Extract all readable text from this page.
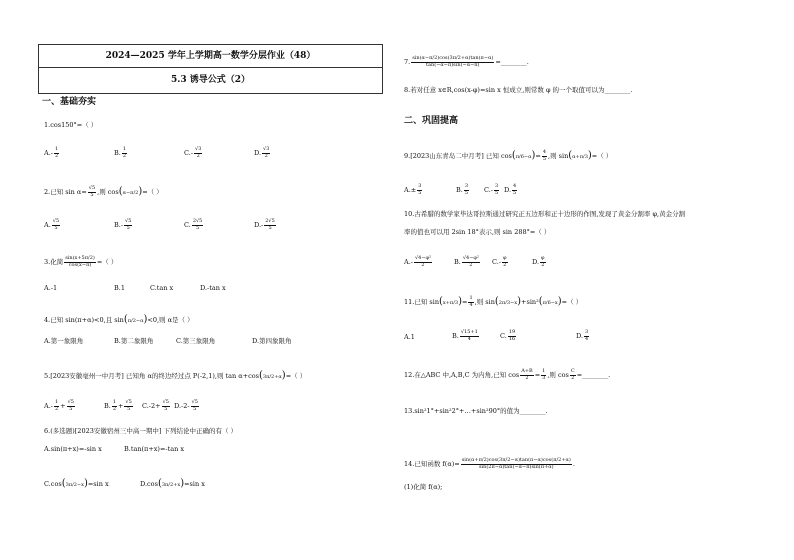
2024—2025 学年上学期高一数学分层作业（48）
5.3 诱导公式（2）
一、基础夯实
1.cos150°=（ ）
$A.- \frac{1}{2}$	B. $\frac{1}{2}$	$C.- \frac{√3}{2}$	D. $\frac{√3}{2}$
2.已知 $\sin \alpha= \frac{√5}{5}$ ,则 cos(α−π/2)=（ ）
A. $\frac{√5}{5}$	$B.- \frac{√5}{5}$	C. $\frac{2√5}{5}$	$D.- \frac{2√5}{5}$
3.化简 $\frac{\sin(x+5\pi/2)}{\cos(x-\pi)}$ =（ ）
A.-1	B.1	C.tan x	D.-tan x
4.已知 sin(π+α)<0,且 sin(π/2−α)<0,则 α是（ ）
A.第一象限角	B.第二象限角	C.第三象限角	D.第四象限角
5.[2023安徽亳州一中月考] 已知角 α的终边经过点 P(-2,1),则 tan α+cos(3π/2+α)=（ ）
$A.- \frac{1}{2} + \frac{√5}{5}$	B. $\frac{1}{2} + \frac{√5}{5} C.-2+ \frac{√5}{5} D.-2- \frac{√5}{5}$
6.(多选题)[2023安徽宿州三中高一期中] 下列结论中正确的有（ ）
A.sin(π+x)=-sin x	B.tan(π+x)=-tan x
C.cos(3π/2−x)=sin x	D.cos(3π/2+x)=sin x
7. $\frac{\sin(\alpha-\pi/2)\cos(3\pi/2+\alpha)\tan(\pi-\alpha)}{\tan(-\alpha-\pi)\sin(-\alpha-\pi)}$ =________.
8.若对任意 x∈R,cos(x-φ)=sin x 恒成立,则常数 φ 的一个取值可以为________.
二、巩固提高
9.[2023山东青岛二中月考] 已知 $\cos(\pi/6-\alpha)= \frac{4}{5}$ ,则 sin(α+π/3)=（ ）
$A.\pm \frac{3}{5}$	B. $\frac{3}{5} C.- \frac{3}{5} D$. $\frac{4}{5}$
10.古希腊的数学家毕达哥拉斯通过研究正五边形和正十边形的作图,发现了黄金分割率 φ,黄金分割
率的值也可以用 2sin 18°表示,则 sin 288°=（ ）
$A.- \frac{\text{√4−φ²}}{2}$	B. $\frac{\text{√4−φ²}}{2} C.- \frac{\varphi}{2}$	D. $\frac{\varphi}{2}$
11.已知 $\sin(x+\pi/3)= \frac{1}{4}$ ,则 sin(2π/3−x)+sin²(π/6−x)=（ ）
A.1	B. $\frac{√15+1}{4}$	C. $\frac{19}{16}$	D. $\frac{3}{4}$
12.在△ABC 中,A,B,C 为内角,已知 $\cos \frac{A+B}{2} = \frac{1}{3}$ ,则 $\cos \frac{C}{2}$ =________.
13.sin²1°+sin²2°+…+sin²90°的值为________.
14.已知函数 $f(\alpha)= \frac{\sin(\alpha+\pi/2)\cos(3\pi/2-\alpha)\tan(\pi-\alpha)\cos(\pi/2+\alpha)}{\sin(2\pi-\alpha)\tan(-\alpha-\pi)\sin(\pi+\alpha)}$ .
(1)化简 f(α);
